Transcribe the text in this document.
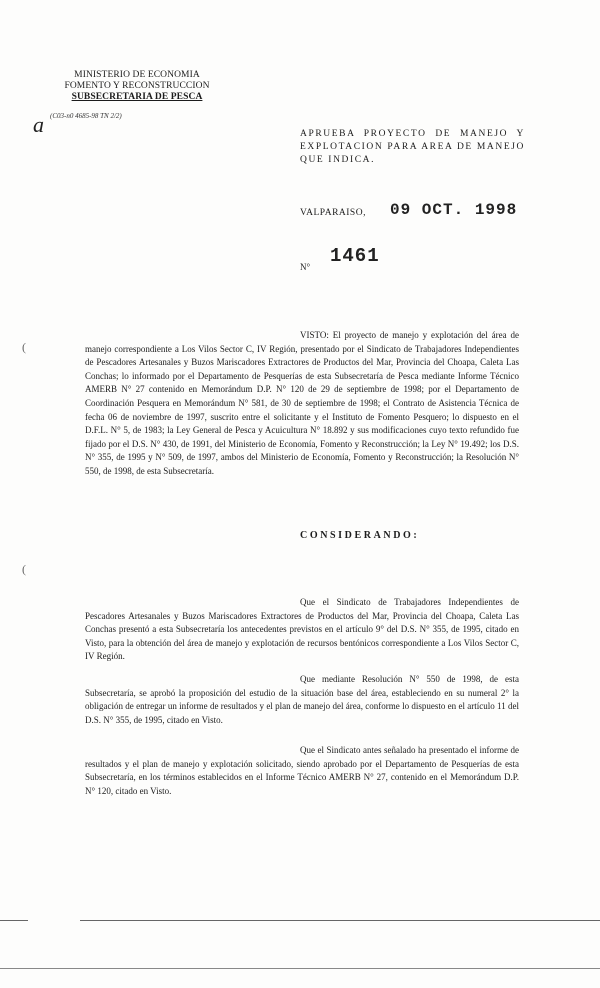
MINISTERIO DE ECONOMIA
FOMENTO Y RECONSTRUCCION
SUBSECRETARIA DE PESCA
a (C03-n0 4685-98 TN 2/2)
APRUEBA PROYECTO DE MANEJO Y EXPLOTACION PARA AREA DE MANEJO QUE INDICA.
VALPARAISO, 09 OCT. 1998
N° 1461
VISTO: El proyecto de manejo y explotación del área de manejo correspondiente a Los Vilos Sector C, IV Región, presentado por el Sindicato de Trabajadores Independientes de Pescadores Artesanales y Buzos Mariscadores Extractores de Productos del Mar, Provincia del Choapa, Caleta Las Conchas; lo informado por el Departamento de Pesquerías de esta Subsecretaría de Pesca mediante Informe Técnico AMERB N° 27 contenido en Memorándum D.P. N° 120 de 29 de septiembre de 1998; por el Departamento de Coordinación Pesquera en Memorándum N° 581, de 30 de septiembre de 1998; el Contrato de Asistencia Técnica de fecha 06 de noviembre de 1997, suscrito entre el solicitante y el Instituto de Fomento Pesquero; lo dispuesto en el D.F.L. N° 5, de 1983; la Ley General de Pesca y Acuicultura N° 18.892 y sus modificaciones cuyo texto refundido fue fijado por el D.S. N° 430, de 1991, del Ministerio de Economía, Fomento y Reconstrucción; la Ley N° 19.492; los D.S. N° 355, de 1995 y N° 509, de 1997, ambos del Ministerio de Economía, Fomento y Reconstrucción; la Resolución N° 550, de 1998, de esta Subsecretaría.
CONSIDERANDO:
Que el Sindicato de Trabajadores Independientes de Pescadores Artesanales y Buzos Mariscadores Extractores de Productos del Mar, Provincia del Choapa, Caleta Las Conchas presentó a esta Subsecretaría los antecedentes previstos en el artículo 9° del D.S. N° 355, de 1995, citado en Visto, para la obtención del área de manejo y explotación de recursos bentónicos correspondiente a Los Vilos Sector C, IV Región.
Que mediante Resolución N° 550 de 1998, de esta Subsecretaría, se aprobó la proposición del estudio de la situación base del área, estableciendo en su numeral 2° la obligación de entregar un informe de resultados y el plan de manejo del área, conforme lo dispuesto en el artículo 11 del D.S. N° 355, de 1995, citado en Visto.
Que el Sindicato antes señalado ha presentado el informe de resultados y el plan de manejo y explotación solicitado, siendo aprobado por el Departamento de Pesquerías de esta Subsecretaría, en los términos establecidos en el Informe Técnico AMERB N° 27, contenido en el Memorándum D.P. N° 120, citado en Visto.
(
(
